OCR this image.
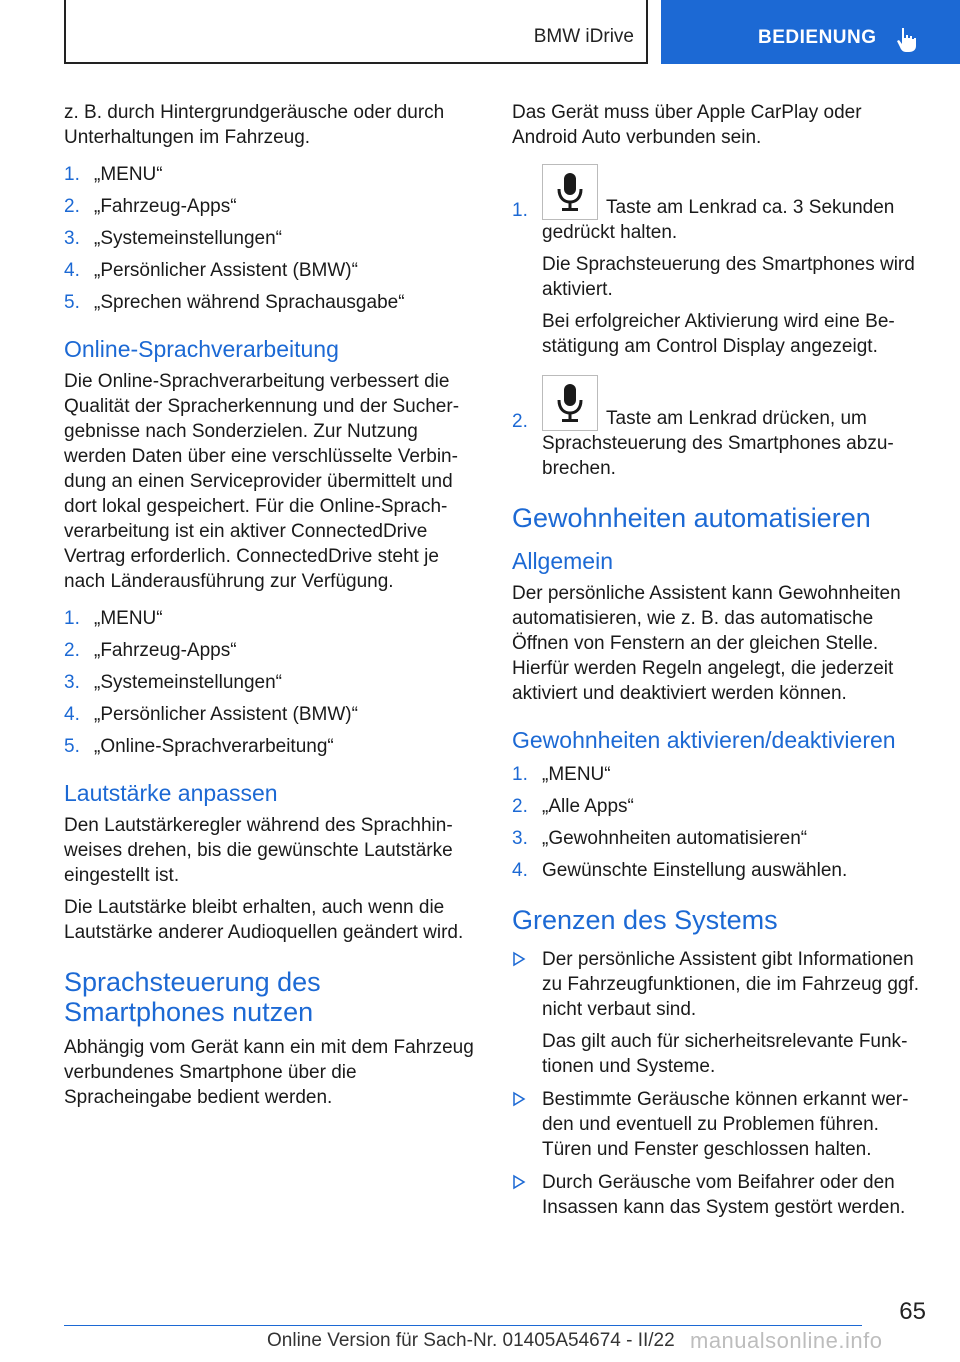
BMW iDrive	BEDIENUNG

z. B. durch Hintergrundgeräusche oder durch Unterhaltungen im Fahrzeug.

1. „MENU“
2. „Fahrzeug-Apps“
3. „Systemeinstellungen“
4. „Persönlicher Assistent (BMW)“
5. „Sprechen während Sprachausgabe“
Online-Sprachverarbeitung

Die Online-Sprachverarbeitung verbessert die Qualität der Spracherkennung und der Suchergebnisse nach Sonderzielen. Zur Nutzung werden Daten über eine verschlüsselte Verbindung an einen Serviceprovider übermittelt und dort lokal gespeichert. Für die Online-Sprachverarbeitung ist ein aktiver ConnectedDrive Vertrag erforderlich. ConnectedDrive steht je nach Länderausführung zur Verfügung.

1. „MENU“
2. „Fahrzeug-Apps“
3. „Systemeinstellungen“
4. „Persönlicher Assistent (BMW)“
5. „Online-Sprachverarbeitung“
Lautstärke anpassen

Den Lautstärkeregler während des Sprachhinweises drehen, bis die gewünschte Lautstärke eingestellt ist.

Die Lautstärke bleibt erhalten, auch wenn die Lautstärke anderer Audioquellen geändert wird.

Sprachsteuerung des Smartphones nutzen

Abhängig vom Gerät kann ein mit dem Fahrzeug verbundenes Smartphone über die Spracheingabe bedient werden.

Das Gerät muss über Apple CarPlay oder Android Auto verbunden sein.

1.	Taste am Lenkrad ca. 3 Sekunden gedrückt halten.

Die Sprachsteuerung des Smartphones wird aktiviert.

Bei erfolgreicher Aktivierung wird eine Bestätigung am Control Display angezeigt.

2.	Taste am Lenkrad drücken, um Sprachsteuerung des Smartphones abzubrechen.
Gewohnheiten automatisieren
Allgemein

Der persönliche Assistent kann Gewohnheiten automatisieren, wie z. B. das automatische Öffnen von Fenstern an der gleichen Stelle. Hierfür werden Regeln angelegt, die jederzeit aktiviert und deaktiviert werden können.

Gewohnheiten aktivieren/deaktivieren
1. „MENU“
2. „Alle Apps“
3. „Gewohnheiten automatisieren“
4. Gewünschte Einstellung auswählen.
Grenzen des Systems
Der persönliche Assistent gibt Informationen zu Fahrzeugfunktionen, die im Fahrzeug ggf. nicht verbaut sind.

Das gilt auch für sicherheitsrelevante Funktionen und Systeme.

Bestimmte Geräusche können erkannt werden und eventuell zu Problemen führen. Türen und Fenster geschlossen halten.
Durch Geräusche vom Beifahrer oder den Insassen kann das System gestört werden.
65
Online Version für Sach-Nr. 01405A54674 - II/22 manualsonline.info
